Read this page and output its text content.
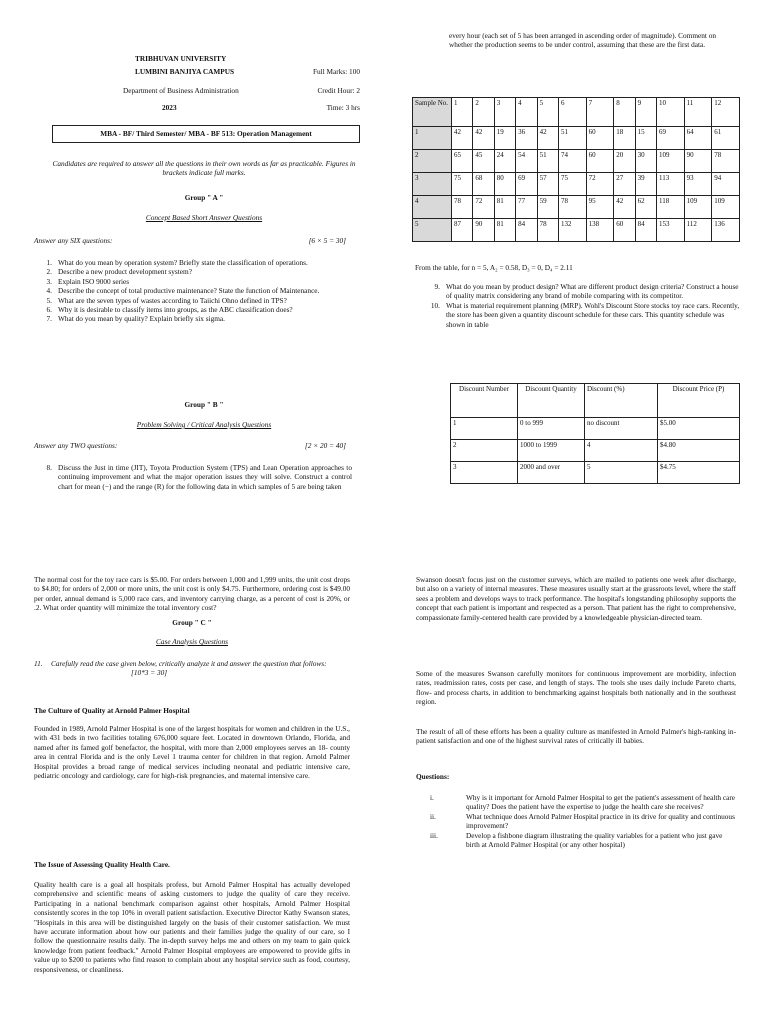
TRIBHUVAN UNIVERSITY
LUMBINI BANJIYA CAMPUS	Full Marks: 100
Department of Business Administration	Credit Hour: 2
2023	Time: 3 hrs
MBA - BF/ Third Semester/ MBA - BF 513: Operation Management
Candidates are required to answer all the questions in their own words as far as practicable. Figures in brackets indicate full marks.
Group " A "
Concept Based Short Answer Questions
Answer any SIX questions:	[6 × 5 = 30]
1. What do you mean by operation system? Briefly state the classification of operations.
2. Describe a new product development system?
3. Explain ISO 9000 series
4. Describe the concept of total productive maintenance? State the function of Maintenance.
5. What are the seven types of wastes according to Taiichi Ohno defined in TPS?
6. Why it is desirable to classify items into groups, as the ABC classification does?
7. What do you mean by quality? Explain briefly six sigma.
Group " B "
Problem Solving / Critical Analysis Questions
Answer any TWO questions:	[2 × 20 = 40]
8. Discuss the Just in time (JIT), Toyota Production System (TPS) and Lean Operation approaches to continuing improvement and what the major operation issues they will solve. Construct a control chart for mean (−) and the range (R) for the following data in which samples of 5 are being taken
every hour (each set of 5 has been arranged in ascending order of magnitude). Comment on whether the production seems to be under control, assuming that these are the first data.
Sample No.	1	2	3	4	5	6	7	8	9	10	11	12
1	42	42	19	36	42	51	60	18	15	69	64	61
2	65	45	24	54	51	74	60	20	30	109	90	78
3	75	68	80	69	57	75	72	27	39	113	93	94
4	78	72	81	77	59	78	95	42	62	118	109	109
5	87	90	81	84	78	132	138	60	84	153	112	136
From the table, for n = 5, A₂ = 0.58, D₃ = 0, D₄ = 2.11
9. What do you mean by product design? What are different product design criteria? Construct a house of quality matrix considering any brand of mobile comparing with its competitor.
10. What is material requirement planning (MRP). Wohl's Discount Store stocks toy race cars. Recently, the store has been given a quantity discount schedule for these cars. This quantity schedule was shown in table
Discount Number	Discount Quantity	Discount (%)	Discount Price (P)
1	0 to 999	no discount	$5.00
2	1000 to 1999	4	$4.80
3	2000 and over	5	$4.75
The normal cost for the toy race cars is $5.00. For orders between 1,000 and 1,999 units, the unit cost drops to $4.80; for orders of 2,000 or more units, the unit cost is only $4.75. Furthermore, ordering cost is $49.00 per order, annual demand is 5,000 race cars, and inventory carrying charge, as a percent of cost is 20%, or .2. What order quantity will minimize the total inventory cost?
Group " C "
Case Analysis Questions
11.	Carefully read the case given below, critically analyze it and answer the question that follows:
[10*3 = 30]
The Culture of Quality at Arnold Palmer Hospital
Founded in 1989, Arnold Palmer Hospital is one of the largest hospitals for women and children in the U.S., with 431 beds in two facilities totaling 676,000 square feet. Located in downtown Orlando, Florida, and named after its famed golf benefactor, the hospital, with more than 2,000 employees serves an 18- county area in central Florida and is the only Level 1 trauma center for children in that region. Arnold Palmer Hospital provides a broad range of medical services including neonatal and pediatric intensive care, pediatric oncology and cardiology, care for high-risk pregnancies, and maternal intensive care.
The Issue of Assessing Quality Health Care.
Quality health care is a goal all hospitals profess, but Arnold Palmer Hospital has actually developed comprehensive and scientific means of asking customers to judge the quality of care they receive. Participating in a national benchmark comparison against other hospitals, Arnold Palmer Hospital consistently scores in the top 10% in overall patient satisfaction. Executive Director Kathy Swanson states, "Hospitals in this area will be distinguished largely on the basis of their customer satisfaction. We must have accurate information about how our patients and their families judge the quality of our care, so I follow the questionnaire results daily. The in-depth survey helps me and others on my team to gain quick knowledge from patient feedback." Arnold Palmer Hospital employees are empowered to provide gifts in value up to $200 to patients who find reason to complain about any hospital service such as food, courtesy, responsiveness, or cleanliness.
Swanson doesn't focus just on the customer surveys, which are mailed to patients one week after discharge, but also on a variety of internal measures. These measures usually start at the grassroots level, where the staff sees a problem and develops ways to track performance. The hospital's longstanding philosophy supports the concept that each patient is important and respected as a person. That patient has the right to comprehensive, compassionate family-centered health care provided by a knowledgeable physician-directed team.
Some of the measures Swanson carefully monitors for continuous improvement are morbidity, infection rates, readmission rates, costs per case, and length of stays. The tools she uses daily include Pareto charts, flow- and process charts, in addition to benchmarking against hospitals both nationally and in the southeast region.
The result of all of these efforts has been a quality culture as manifested in Arnold Palmer's high-ranking in-patient satisfaction and one of the highest survival rates of critically ill babies.
Questions:
i.	Why is it important for Arnold Palmer Hospital to get the patient's assessment of health care quality? Does the patient have the expertise to judge the health care she receives?
ii.	What technique does Arnold Palmer Hospital practice in its drive for quality and continuous improvement?
iii.	Develop a fishbone diagram illustrating the quality variables for a patient who just gave birth at Arnold Palmer Hospital (or any other hospital)
